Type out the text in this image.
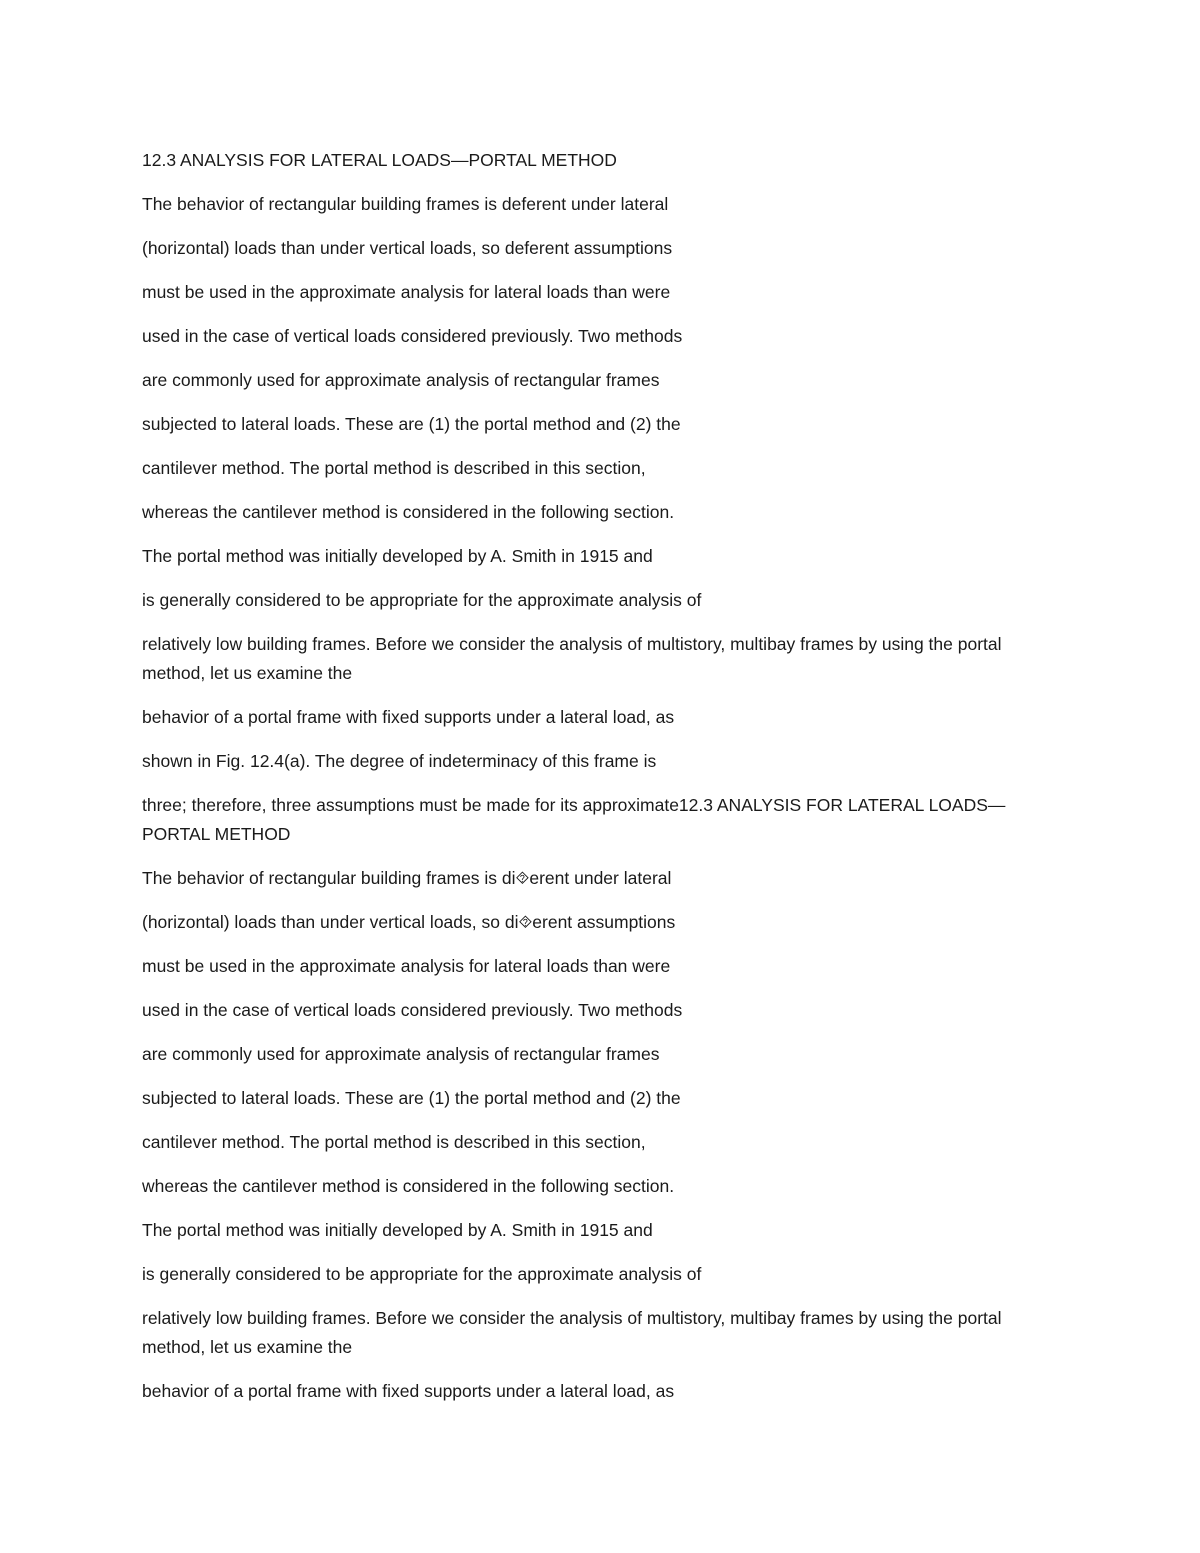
12.3 ANALYSIS FOR LATERAL LOADS—PORTAL METHOD

The behavior of rectangular building frames is deferent under lateral

(horizontal) loads than under vertical loads, so deferent assumptions

must be used in the approximate analysis for lateral loads than were

used in the case of vertical loads considered previously. Two methods

are commonly used for approximate analysis of rectangular frames

subjected to lateral loads. These are (1) the portal method and (2) the

cantilever method. The portal method is described in this section,

whereas the cantilever method is considered in the following section.

The portal method was initially developed by A. Smith in 1915 and

is generally considered to be appropriate for the approximate analysis of

relatively low building frames. Before we consider the analysis of multistory, multibay frames by using the portal method, let us examine the

behavior of a portal frame with fixed supports under a lateral load, as

shown in Fig. 12.4(a). The degree of indeterminacy of this frame is

three; therefore, three assumptions must be made for its approximate12.3 ANALYSIS FOR LATERAL LOADS—PORTAL METHOD

The behavior of rectangular building frames is di⯑erent under lateral

(horizontal) loads than under vertical loads, so di⯑erent assumptions

must be used in the approximate analysis for lateral loads than were

used in the case of vertical loads considered previously. Two methods

are commonly used for approximate analysis of rectangular frames

subjected to lateral loads. These are (1) the portal method and (2) the

cantilever method. The portal method is described in this section,

whereas the cantilever method is considered in the following section.

The portal method was initially developed by A. Smith in 1915 and

is generally considered to be appropriate for the approximate analysis of

relatively low building frames. Before we consider the analysis of multistory, multibay frames by using the portal method, let us examine the

behavior of a portal frame with fixed supports under a lateral load, as
